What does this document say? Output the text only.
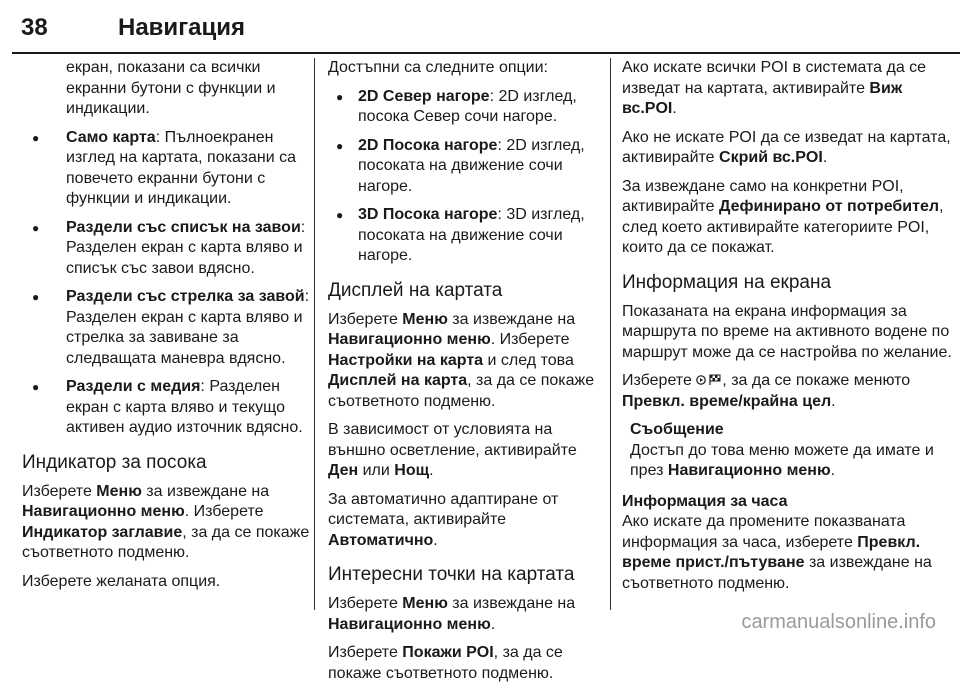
38	Навигация

екран, показани са всички екранни бутони с функции и индикации.

● Само карта: Пълноекранен изглед на картата, показани са повечето екранни бутони с функции и индикации.
● Раздели със списък на завои: Разделен екран с карта вляво и списък със завои вдясно.
● Раздели със стрелка за завой: Разделен екран с карта вляво и стрелка за завиване за следващата маневра вдясно.
● Раздели с медия: Разделен екран с карта вляво и текущо активен аудио източник вдясно.
Индикатор за посока

Изберете Меню за извеждане на Навигационно меню. Изберете Индикатор заглавие, за да се покаже съответното подменю.

Изберете желаната опция.

Достъпни са следните опции:

● 2D Север нагоре: 2D изглед, посока Север сочи нагоре.
● 2D Посока нагоре: 2D изглед, посоката на движение сочи нагоре.
● 3D Посока нагоре: 3D изглед, посоката на движение сочи нагоре.
Дисплей на картата

Изберете Меню за извеждане на Навигационно меню. Изберете Настройки на карта и след това Дисплей на карта, за да се покаже съответното подменю.

В зависимост от условията на външно осветление, активирайте Ден или Нощ.

За автоматично адаптиране от системата, активирайте Автоматично.

Интересни точки на картата

Изберете Меню за извеждане на Навигационно меню.

Изберете Покажи POI, за да се покаже съответното подменю.

Ако искате всички POI в системата да се изведат на картата, активирайте Виж вс.POI.

Ако не искате POI да се изведат на картата, активирайте Скрий вс.POI.

За извеждане само на конкретни POI, активирайте Дефинирано от потребител, след което активирайте категориите POI, които да се покажат.

Информация на екрана

Показаната на екрана информация за маршрута по време на активното водене по маршрут може да се настройва по желание.

Изберете , за да се покаже менюто Превкл. време/крайна цел.

Съобщение
Достъп до това меню можете да имате и през Навигационно меню.
Информация за часа

Ако искате да промените показваната информация за часа, изберете Превкл. време прист./пътуване за извеждане на съответното подменю.

carmanualsonline.info
